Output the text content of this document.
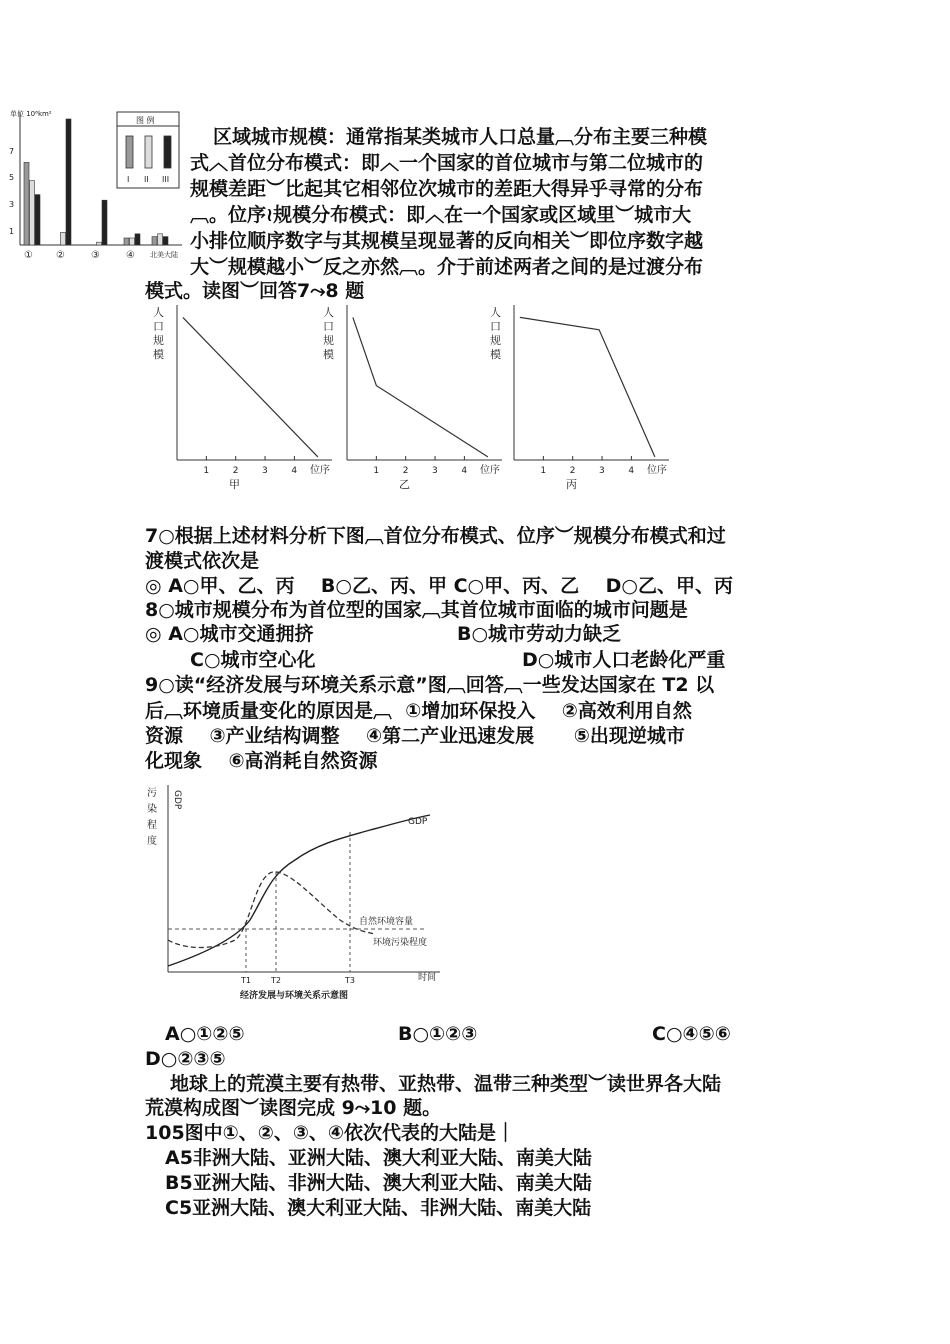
单位 10⁶km²
7
5
3
1
① ②	③	④ 北美大陆
图 例
I II III
区域城市规模：通常指某类城市人口总量︹分布主要三种模
式︿首位分布模式：即︿一个国家的首位城市与第二位城市的
规模差距︶比起其它相邻位次城市的差距大得异乎寻常的分布
︹。位序≀规模分布模式：即︿在一个国家或区域里︶城市大
小排位顺序数字与其规模呈现显著的反向相关︶即位序数字越
大︶规模越小︶反之亦然︹。介于前述两者之间的是过渡分布
模式。读图︶回答7⤳8 题
人
口
规
模
1	2	3	4 位序
甲
人
口
规
模
1	2	3	4 位序
乙
人
口
规
模
1	2	3	4 位序
丙
7○根据上述材料分析下图︹首位分布模式、位序︶规模分布模式和过
渡模式依次是
◎ A○甲、乙、丙    B○乙、丙、甲 C○甲、丙、乙    D○乙、甲、丙
8○城市规模分布为首位型的国家︹其首位城市面临的城市问题是
◎ A○城市交通拥挤	B○城市劳动力缺乏
C○城市空心化	D○城市人口老龄化严重
9○读“经济发展与环境关系示意”图︹回答︹一些发达国家在 T2 以
后︹环境质量变化的原因是︹  ①增加环保投入    ②高效利用自然
资源    ③产业结构调整    ④第二产业迅速发展      ⑤出现逆城市
化现象    ⑥高消耗自然资源
污
染
程
度
GDP
GDP
自然环境容量
环境污染程度
T1	T2	T3	时间
经济发展与环境关系示意图
A○①②⑤	B○①②③	C○④⑤⑥
D○②③⑤
地球上的荒漠主要有热带、亚热带、温带三种类型︶读世界各大陆
荒漠构成图︶读图完成 9⤳10 题。
105图中①、②、③、④依次代表的大陆是｜
A5非洲大陆、亚洲大陆、澳大利亚大陆、南美大陆
B5亚洲大陆、非洲大陆、澳大利亚大陆、南美大陆
C5亚洲大陆、澳大利亚大陆、非洲大陆、南美大陆
